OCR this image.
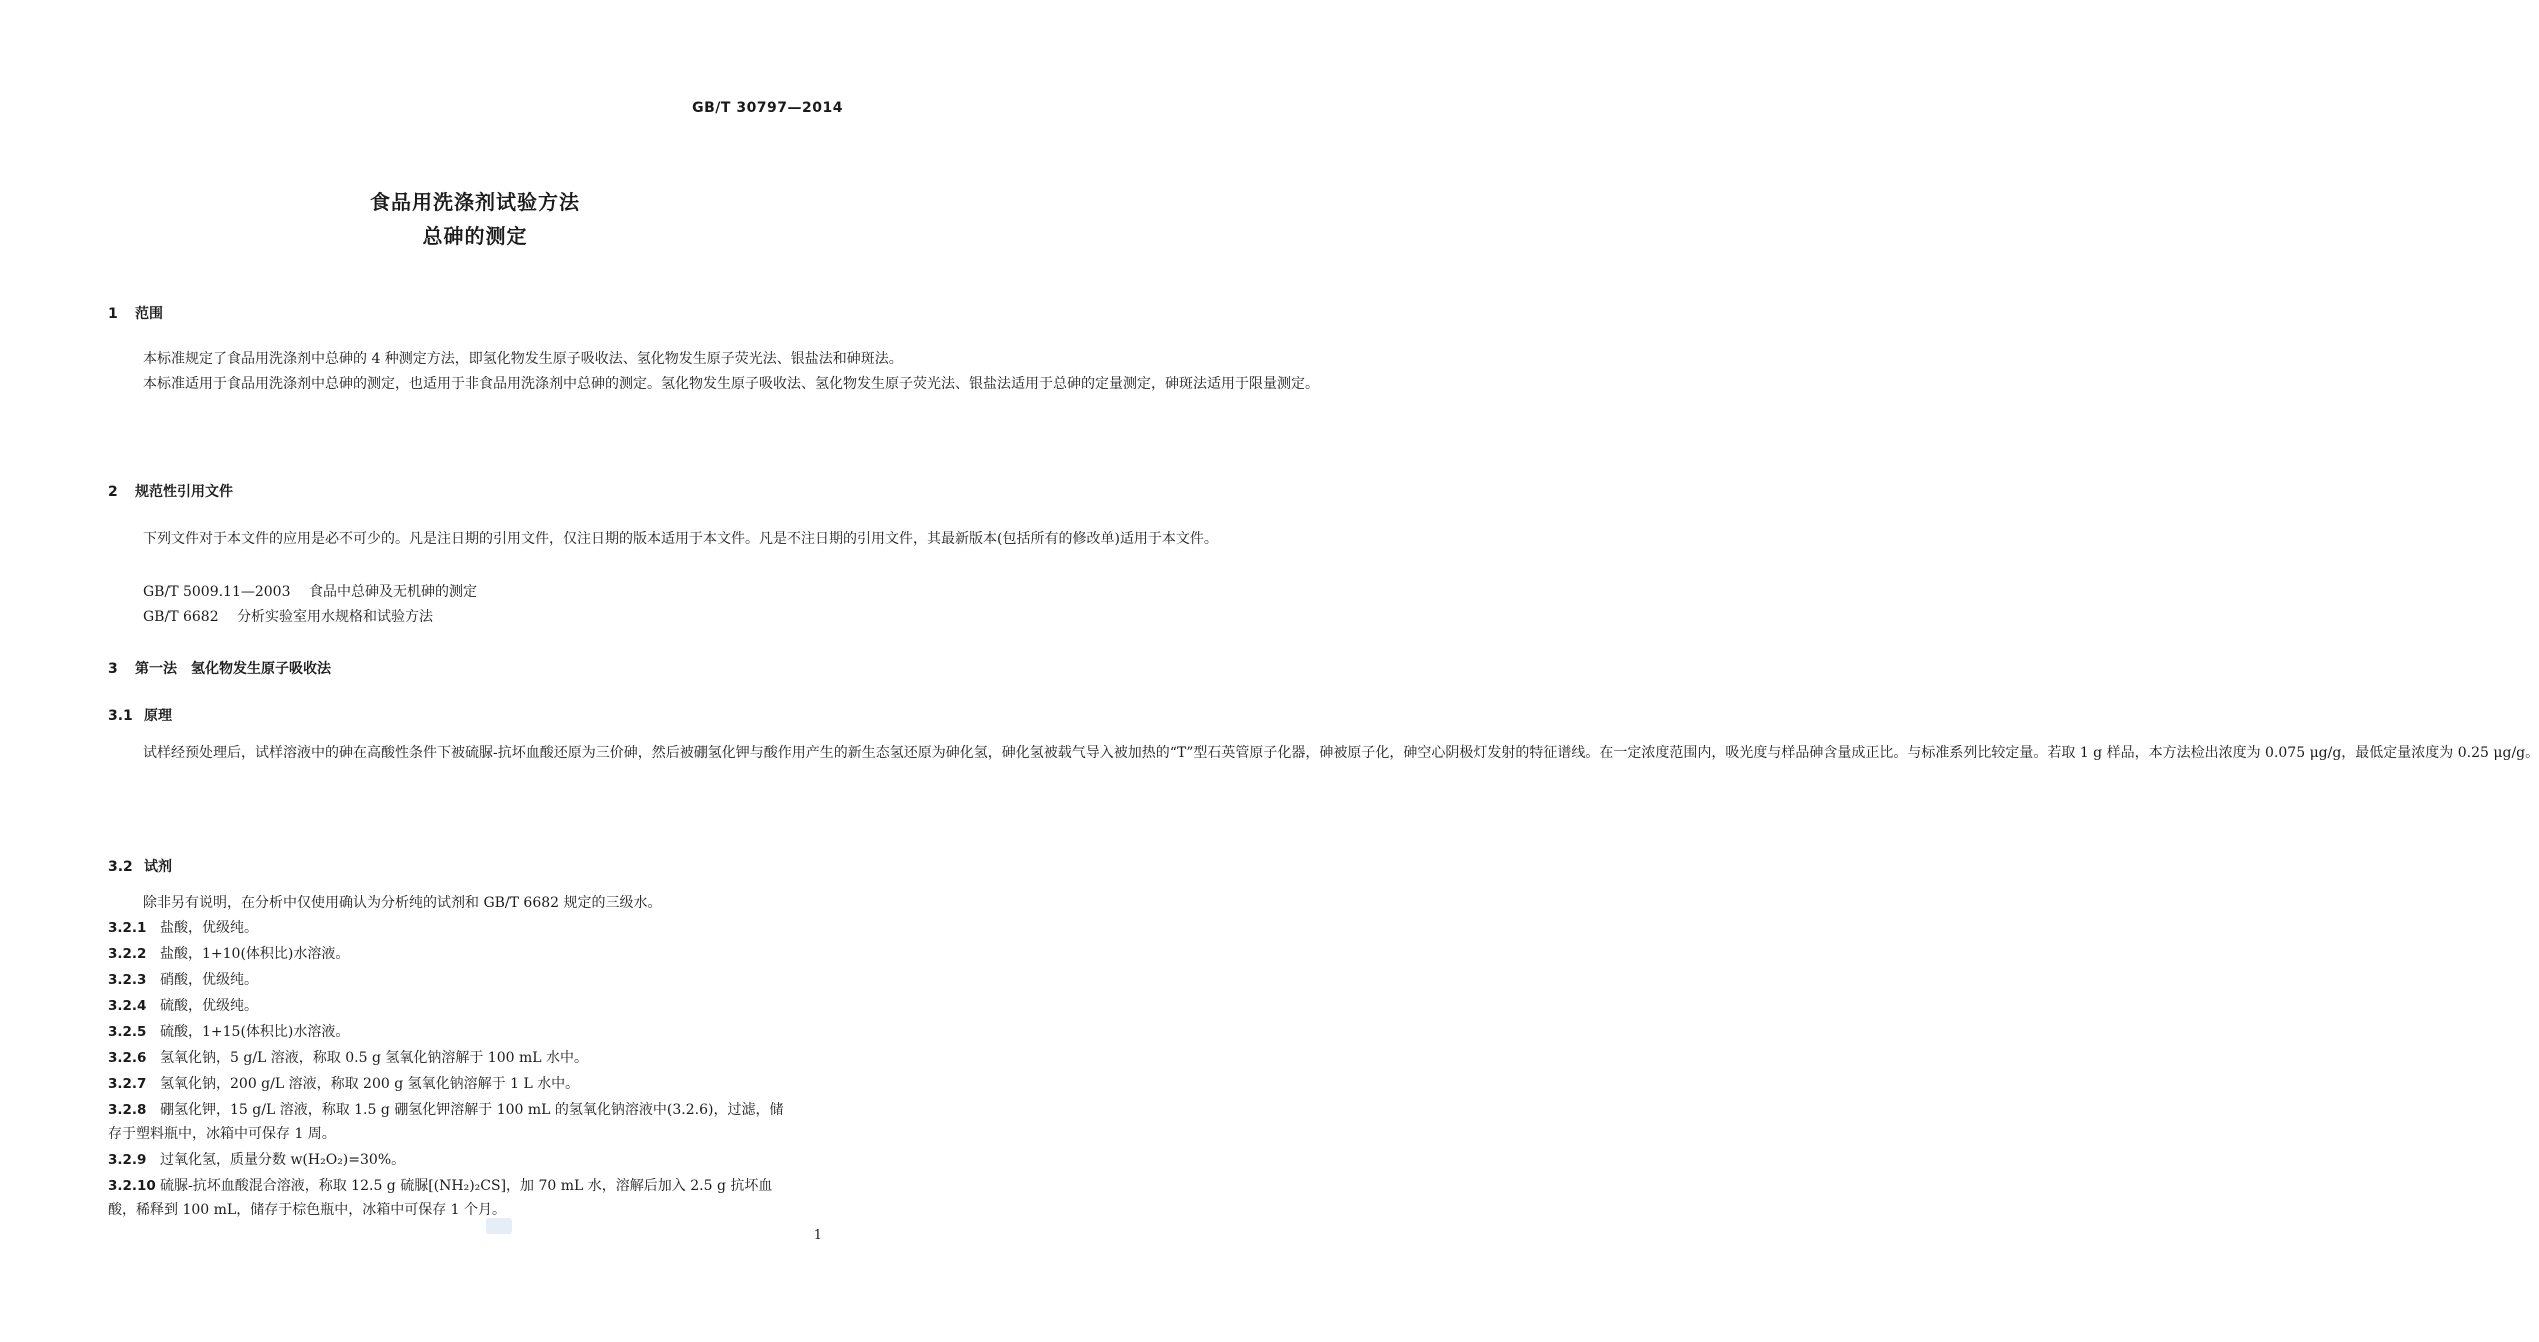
GB/T 30797—2014
食品用洗涤剂试验方法
总砷的测定
1 范围

本标准规定了食品用洗涤剂中总砷的 4 种测定方法，即氢化物发生原子吸收法、氢化物发生原子荧光法、银盐法和砷斑法。

本标准适用于食品用洗涤剂中总砷的测定，也适用于非食品用洗涤剂中总砷的测定。氢化物发生原子吸收法、氢化物发生原子荧光法、银盐法适用于总砷的定量测定，砷斑法适用于限量测定。

2 规范性引用文件

下列文件对于本文件的应用是必不可少的。凡是注日期的引用文件，仅注日期的版本适用于本文件。凡是不注日期的引用文件，其最新版本(包括所有的修改单)适用于本文件。

GB/T 5009.11—2003 食品中总砷及无机砷的测定
GB/T 6682 分析实验室用水规格和试验方法
3 第一法　氢化物发生原子吸收法
3.1 原理

试样经预处理后，试样溶液中的砷在高酸性条件下被硫脲-抗坏血酸还原为三价砷，然后被硼氢化钾与酸作用产生的新生态氢还原为砷化氢，砷化氢被载气导入被加热的“T”型石英管原子化器，砷被原子化，砷空心阴极灯发射的特征谱线。在一定浓度范围内，吸光度与样品砷含量成正比。与标准系列比较定量。若取 1 g 样品，本方法检出浓度为 0.075 μg/g，最低定量浓度为 0.25 μg/g。

3.2 试剂

除非另有说明，在分析中仅使用确认为分析纯的试剂和 GB/T 6682 规定的三级水。

3.2.1 盐酸，优级纯。
3.2.2 盐酸，1+10(体积比)水溶液。
3.2.3 硝酸，优级纯。
3.2.4 硫酸，优级纯。
3.2.5 硫酸，1+15(体积比)水溶液。
3.2.6 氢氧化钠，5 g/L 溶液，称取 0.5 g 氢氧化钠溶解于 100 mL 水中。
3.2.7 氢氧化钠，200 g/L 溶液，称取 200 g 氢氧化钠溶解于 1 L 水中。
3.2.8 硼氢化钾，15 g/L 溶液，称取 1.5 g 硼氢化钾溶解于 100 mL 的氢氧化钠溶液中(3.2.6)，过滤，储
存于塑料瓶中，冰箱中可保存 1 周。
3.2.9 过氧化氢，质量分数 w(H₂O₂)=30%。
3.2.10 硫脲-抗坏血酸混合溶液，称取 12.5 g 硫脲[(NH₂)₂CS]，加 70 mL 水，溶解后加入 2.5 g 抗坏血
酸，稀释到 100 mL，储存于棕色瓶中，冰箱中可保存 1 个月。
1
